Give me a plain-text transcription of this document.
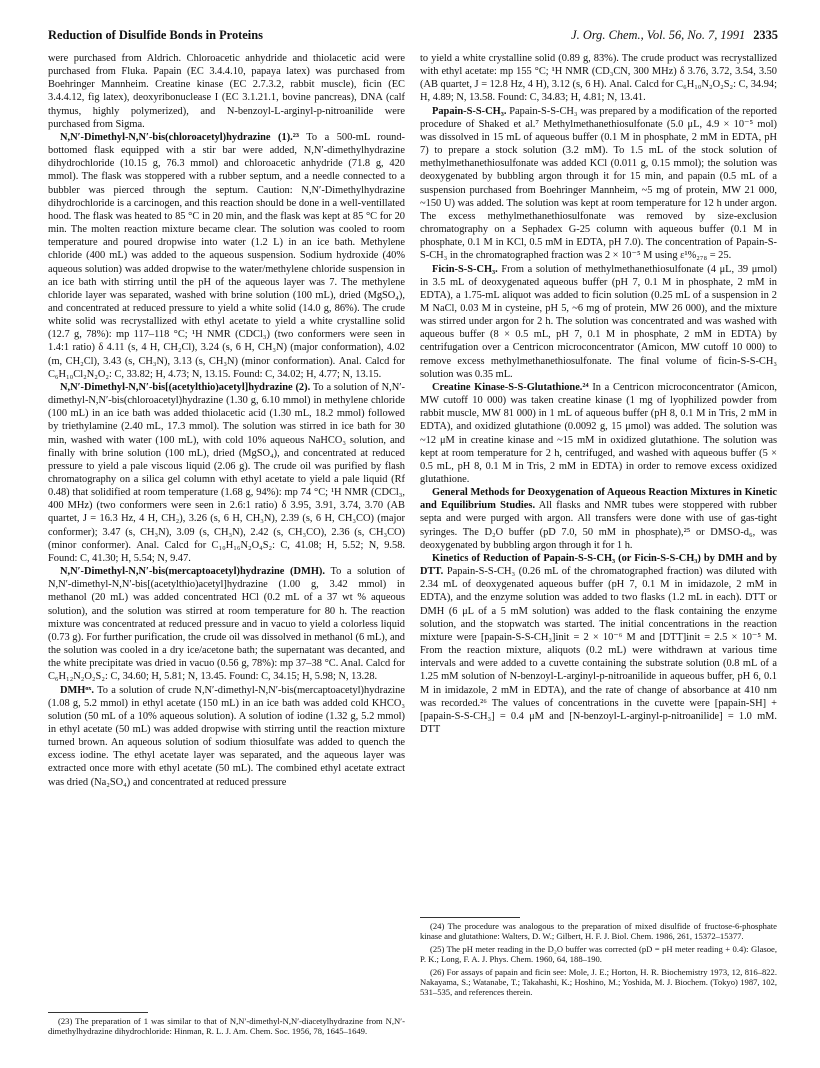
Reduction of Disulfide Bonds in Proteins	J. Org. Chem., Vol. 56, No. 7, 1991 2335

were purchased from Aldrich. Chloroacetic anhydride and thiolacetic acid were purchased from Fluka. Papain (EC 3.4.4.10, papaya latex) was purchased from Boehringer Mannheim. Creatine kinase (EC 2.7.3.2, rabbit muscle), ficin (EC 3.4.4.12, fig latex), deoxyribonuclease I (EC 3.1.21.1, bovine pancreas), DNA (calf thymus, highly polymerized), and N-benzoyl-L-arginyl-p-nitroanilide were purchased from Sigma.

N,N′-Dimethyl-N,N′-bis(chloroacetyl)hydrazine (1).²³ To a 500-mL round-bottomed flask equipped with a stir bar were added, N,N′-dimethylhydrazine dihydrochloride (10.15 g, 76.3 mmol) and chloroacetic anhydride (71.8 g, 420 mmol). The flask was stoppered with a rubber septum, and a needle connected to a bubbler was pierced through the septum. Caution: N,N′-Dimethylhydrazine dihydrochloride is a carcinogen, and this reaction should be done in a well-ventillated hood. The flask was heated to 85 °C in 20 min, and the flask was kept at 85 °C for 20 min. The molten reaction mixture became clear. The solution was cooled to room temperature and poured dropwise into water (1.2 L) in an ice bath. Methylene chloride (400 mL) was added to the aqueous suspension. Sodium hydroxide (40% aqueous solution) was added dropwise to the water/methylene chloride suspension in an ice bath with stirring until the pH of the aqueous layer was 7. The methylene chloride layer was separated, washed with brine solution (100 mL), dried (MgSO₄), and concentrated at reduced pressure to yield a white solid (14.0 g, 86%). The crude white solid was recrystallized with ethyl acetate to yield a white crystalline solid (12.7 g, 78%): mp 117–118 °C; ¹H NMR (CDCl₃) (two conformers were seen in 1.4:1 ratio) δ 4.11 (s, 4 H, CH₂Cl), 3.24 (s, 6 H, CH₃N) (major conformation), 4.02 (m, CH₂Cl), 3.43 (s, CH₃N), 3.13 (s, CH₃N) (minor conformation). Anal. Calcd for C₆H₁₀Cl₂N₂O₂: C, 33.82; H, 4.73; N, 13.15. Found: C, 34.02; H, 4.77; N, 13.15.

N,N′-Dimethyl-N,N′-bis[(acetylthio)acetyl]hydrazine (2). To a solution of N,N′-dimethyl-N,N′-bis(chloroacetyl)hydrazine (1.30 g, 6.10 mmol) in methylene chloride (100 mL) in an ice bath was added thiolacetic acid (1.30 mL, 18.2 mmol) followed by triethylamine (2.40 mL, 17.3 mmol). The solution was stirred in ice bath for 30 min, washed with water (100 mL), with cold 10% aqueous NaHCO₃ solution, and finally with brine solution (100 mL), dried (MgSO₄), and concentrated at reduced pressure to yield a pale viscous liquid (2.06 g). The crude oil was purified by flash chromatography on a silica gel column with ethyl acetate to yield a pale liquid (Rf 0.48) that solidified at room temperature (1.68 g, 94%): mp 74 °C; ¹H NMR (CDCl₃, 400 MHz) (two conformers were seen in 2.6:1 ratio) δ 3.95, 3.91, 3.74, 3.70 (AB quartet, J = 16.3 Hz, 4 H, CH₂), 3.26 (s, 6 H, CH₃N), 2.39 (s, 6 H, CH₃CO) (major conformer); 3.47 (s, CH₃N), 3.09 (s, CH₃N), 2.42 (s, CH₃CO), 2.36 (s, CH₃CO) (minor conformer). Anal. Calcd for C₁₀H₁₆N₂O₄S₂: C, 41.08; H, 5.52; N, 9.58. Found: C, 41.30; H, 5.54; N, 9.47.

N,N′-Dimethyl-N,N′-bis(mercaptoacetyl)hydrazine (DMH). To a solution of N,N′-dimethyl-N,N′-bis[(acetylthio)acetyl]hydrazine (1.00 g, 3.42 mmol) in methanol (20 mL) was added concentrated HCl (0.2 mL of a 37 wt % aqueous solution), and the solution was stirred at room temperature for 80 h. The reaction mixture was concentrated at reduced pressure and in vacuo to yield a colorless liquid (0.73 g). For further purification, the crude oil was dissolved in methanol (6 mL), and the solution was cooled in a dry ice/acetone bath; the supernatant was decanted, and the white precipitate was dried in vacuo (0.56 g, 78%): mp 37–38 °C. Anal. Calcd for C₆H₁₂N₂O₂S₂: C, 34.60; H, 5.81; N, 13.45. Found: C, 34.15; H, 5.98; N, 13.28.

DMHᵒˣ. To a solution of crude N,N′-dimethyl-N,N′-bis(mercaptoacetyl)hydrazine (1.08 g, 5.2 mmol) in ethyl acetate (150 mL) in an ice bath was added cold KHCO₃ solution (50 mL of a 10% aqueous solution). A solution of iodine (1.32 g, 5.2 mmol) in ethyl acetate (50 mL) was added dropwise with stirring until the reaction mixture turned brown. An aqueous solution of sodium thiosulfate was added to quench the excess iodine. The ethyl acetate layer was separated, and the aqueous layer was extracted once more with ethyl acetate (50 mL). The combined ethyl acetate extract was dried (Na₂SO₄) and concentrated at reduced pressure

to yield a white crystalline solid (0.89 g, 83%). The crude product was recrystallized with ethyl acetate: mp 155 °C; ¹H NMR (CD₃CN, 300 MHz) δ 3.76, 3.72, 3.54, 3.50 (AB quartet, J = 12.8 Hz, 4 H), 3.12 (s, 6 H). Anal. Calcd for C₆H₁₀N₂O₂S₂: C, 34.94; H, 4.89; N, 13.58. Found: C, 34.83; H, 4.81; N, 13.41.

Papain-S-S-CH₃. Papain-S-S-CH₃ was prepared by a modification of the reported procedure of Shaked et al.⁷ Methylmethanethiosulfonate (5.0 μL, 4.9 × 10⁻⁵ mol) was dissolved in 15 mL of aqueous buffer (0.1 M in phosphate, 2 mM in EDTA, pH 7) to prepare a stock solution (3.2 mM). To 1.5 mL of the stock solution of methylmethanethiosulfonate was added KCl (0.011 g, 0.15 mmol); the solution was deoxygenated by bubbling argon through it for 15 min, and papain (0.5 mL of a suspension purchased from Boehringer Mannheim, ~5 mg of protein, MW 21 000, ~150 U) was added. The solution was kept at room temperature for 12 h under argon. The excess methylmethanethiosulfonate was removed by size-exclusion chromatography on a Sephadex G-25 column with aqueous buffer (0.1 M in phosphate, 0.1 M in KCl, 0.5 mM in EDTA, pH 7.0). The concentration of Papain-S-S-CH₃ in the chromatographed fraction was 2 × 10⁻⁵ M using ε¹%₂₇₈ = 25.

Ficin-S-S-CH₃. From a solution of methylmethanethiosulfonate (4 μL, 39 μmol) in 3.5 mL of deoxygenated aqueous buffer (pH 7, 0.1 M in phosphate, 2 mM in EDTA), a 1.75-mL aliquot was added to ficin solution (0.25 mL of a suspension in 2 M NaCl, 0.03 M in cysteine, pH 5, ~6 mg of protein, MW 26 000), and the mixture was stirred under argon for 2 h. The solution was concentrated and was washed with aqueous buffer (8 × 0.5 mL, pH 7, 0.1 M in phosphate, 2 mM in EDTA) by centrifugation over a Centricon microconcentrator (Amicon, MW cutoff 10 000) to remove excess methylmethanethiosulfonate. The final volume of ficin-S-S-CH₃ solution was 0.35 mL.

Creatine Kinase-S-S-Glutathione.²⁴ In a Centricon microconcentrator (Amicon, MW cutoff 10 000) was taken creatine kinase (1 mg of lyophilized powder from rabbit muscle, MW 81 000) in 1 mL of aqueous buffer (pH 8, 0.1 M in Tris, 2 mM in EDTA), and oxidized glutathione (0.0092 g, 15 μmol) was added. The solution was ~12 μM in creatine kinase and ~15 mM in oxidized glutathione. The solution was kept at room temperature for 2 h, centrifuged, and washed with aqueous buffer (5 × 0.5 mL, pH 8, 0.1 M in Tris, 2 mM in EDTA) in order to remove excess oxidized glutathione.

General Methods for Deoxygenation of Aqueous Reaction Mixtures in Kinetic and Equilibrium Studies. All flasks and NMR tubes were stoppered with rubber septa and were purged with argon. All transfers were done with use of gas-tight syringes. The D₂O buffer (pD 7.0, 50 mM in phosphate),²⁵ or DMSO-d₆, was deoxygenated by bubbling argon through it for 1 h.

Kinetics of Reduction of Papain-S-S-CH₃ (or Ficin-S-S-CH₃) by DMH and by DTT. Papain-S-S-CH₃ (0.26 mL of the chromatographed fraction) was diluted with 2.34 mL of deoxygenated aqueous buffer (pH 7, 0.1 M in imidazole, 2 mM in EDTA), and the enzyme solution was added to two flasks (1.2 mL in each). DTT or DMH (6 μL of a 5 mM solution) was added to the flask containing the enzyme solution, and the stopwatch was started. The initial concentrations in the reaction mixture were [papain-S-S-CH₃]init = 2 × 10⁻⁶ M and [DTT]init = 2.5 × 10⁻⁵ M. From the reaction mixture, aliquots (0.2 mL) were withdrawn at various time intervals and were added to a cuvette containing the substrate solution (0.8 mL of a 1.25 mM solution of N-benzoyl-L-arginyl-p-nitroanilide in aqueous buffer, pH 6, 0.1 M in imidazole, 2 mM in EDTA), and the rate of change of absorbance at 410 nm was recorded.²⁶ The values of concentrations in the cuvette were [papain-SH] + [papain-S-S-CH₃] = 0.4 μM and [N-benzoyl-L-arginyl-p-nitroanilide] = 1.0 mM. DTT

(23) The preparation of 1 was similar to that of N,N′-dimethyl-N,N′-diacetylhydrazine from N,N′-dimethylhydrazine dihydrochloride: Hinman, R. L. J. Am. Chem. Soc. 1956, 78, 1645–1649.

(24) The procedure was analogous to the preparation of mixed disulfide of fructose-6-phosphate kinase and glutathione: Walters, D. W.; Gilbert, H. F. J. Biol. Chem. 1986, 261, 15372–15377.

(25) The pH meter reading in the D₂O buffer was corrected (pD = pH meter reading + 0.4): Glasoe, P. K.; Long, F. A. J. Phys. Chem. 1960, 64, 188–190.

(26) For assays of papain and ficin see: Mole, J. E.; Horton, H. R. Biochemistry 1973, 12, 816–822. Nakayama, S.; Watanabe, T.; Takahashi, K.; Hoshino, M.; Yoshida, M. J. Biochem. (Tokyo) 1987, 102, 531–535, and references therein.
